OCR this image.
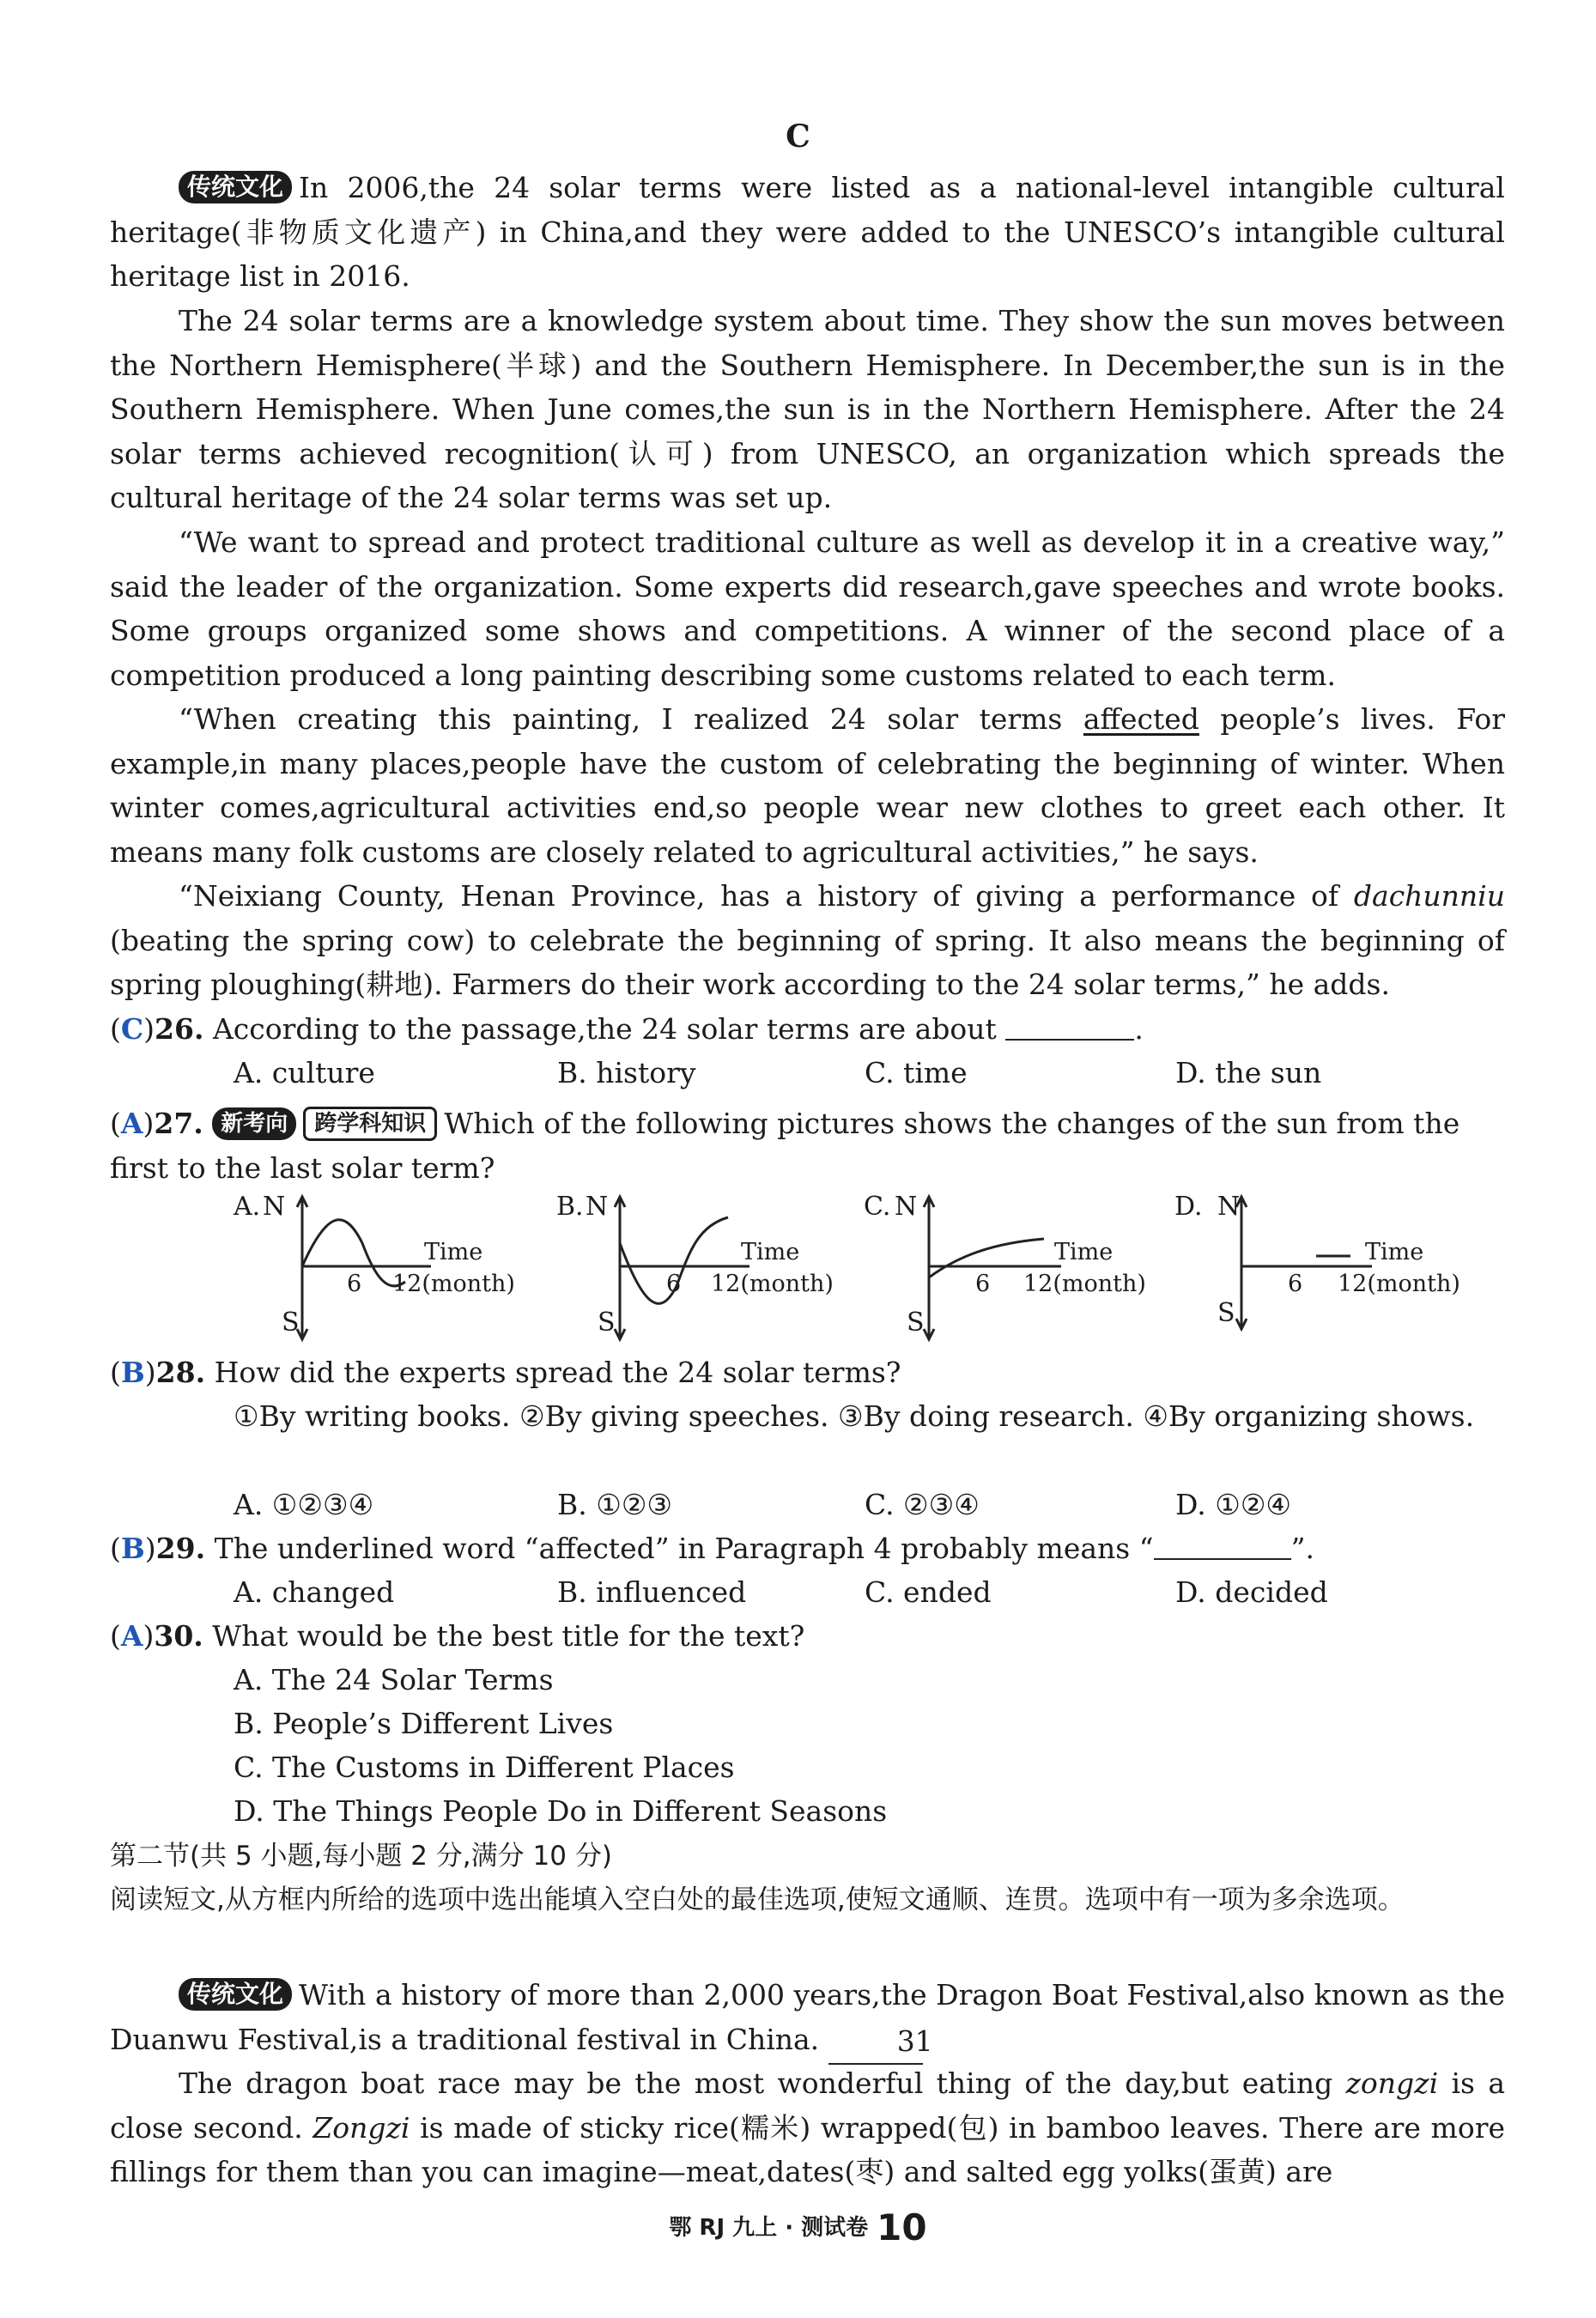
C
传统文化 In 2006,the 24 solar terms were listed as a national-level intangible cultural heritage(非物质文化遗产) in China,and they were added to the UNESCO’s intangible cultural heritage list in 2016.
The 24 solar terms are a knowledge system about time. They show the sun moves between the Northern Hemisphere(半球) and the Southern Hemisphere. In December,the sun is in the Southern Hemisphere. When June comes,the sun is in the Northern Hemisphere. After the 24 solar terms achieved recognition(认可) from UNESCO, an organization which spreads the cultural heritage of the 24 solar terms was set up.
“We want to spread and protect traditional culture as well as develop it in a creative way,” said the leader of the organization. Some experts did research,gave speeches and wrote books. Some groups organized some shows and competitions. A winner of the second place of a competition produced a long painting describing some customs related to each term.
“When creating this painting, I realized 24 solar terms affected people’s lives. For example,in many places,people have the custom of celebrating the beginning of winter. When winter comes,agricultural activities end,so people wear new clothes to greet each other. It means many folk customs are closely related to agricultural activities,” he says.
“Neixiang County, Henan Province, has a history of giving a performance of dachunniu (beating the spring cow) to celebrate the beginning of spring. It also means the beginning of spring ploughing(耕地). Farmers do their work according to the 24 solar terms,” he adds.
(C)26. According to the passage,the 24 solar terms are about	.
A. culture	B. history	C. time	D. the sun
(A)27. 新考向 跨学科知识 Which of the following pictures shows the changes of the sun from the first to the last solar term?
A. N
S
Time
6 12(month)
B. N
S
Time
6 12(month)
C. N
S
Time
6 12(month)
D. N
S
Time
6 12(month)
(B)28. How did the experts spread the 24 solar terms?
①By writing books. ②By giving speeches. ③By doing research. ④By organizing shows.
A. ①②③④	B. ①②③	C. ②③④	D. ①②④
(B)29. The underlined word “affected” in Paragraph 4 probably means “	”.
A. changed	B. influenced	C. ended	D. decided
(A)30. What would be the best title for the text?
A. The 24 Solar Terms
B. People’s Different Lives
C. The Customs in Different Places
D. The Things People Do in Different Seasons
第二节(共 5 小题,每小题 2 分,满分 10 分)
阅读短文,从方框内所给的选项中选出能填入空白处的最佳选项,使短文通顺、连贯。选项中有一项为多余选项。
传统文化 With a history of more than 2,000 years,the Dragon Boat Festival,also known as the Duanwu Festival,is a traditional festival in China.	31
The dragon boat race may be the most wonderful thing of the day,but eating zongzi is a close second. Zongzi is made of sticky rice(糯米) wrapped(包) in bamboo leaves. There are more fillings for them than you can imagine—meat,dates(枣) and salted egg yolks(蛋黄) are
鄂 RJ 九上 · 测试卷 10
